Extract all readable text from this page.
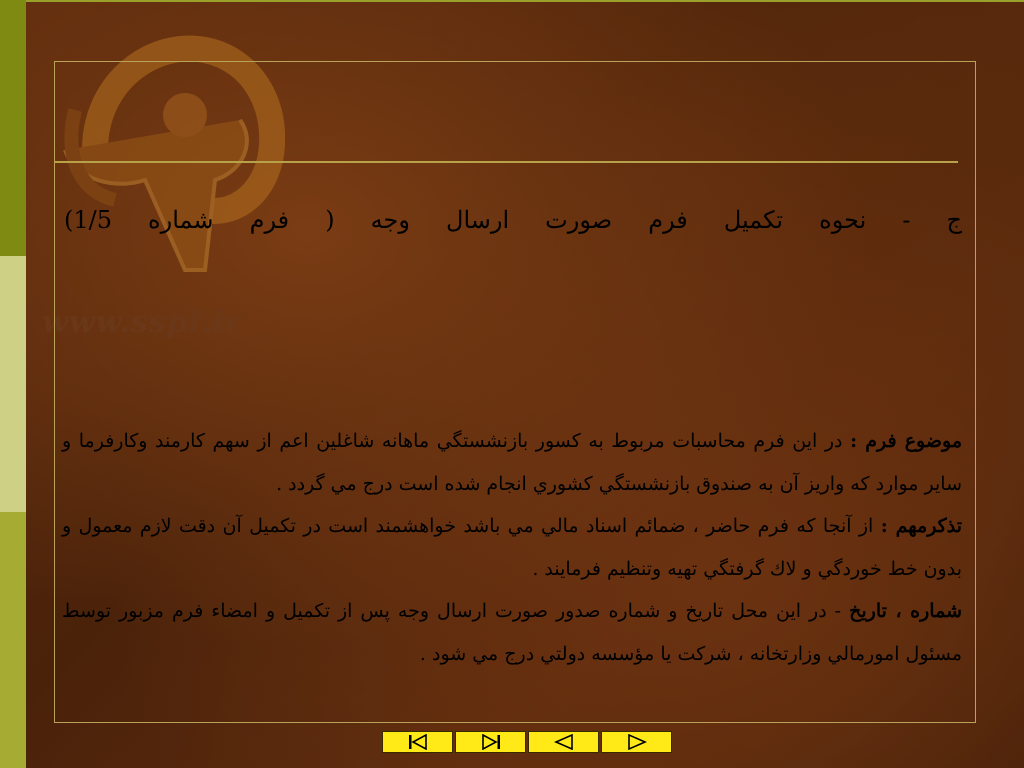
www.sspi.ir
ج - نحوه تكميل فرم صورت ارسال وجه ( فرم شماره 1/5)

موضوع فرم : در اين فرم محاسبات مربوط به كسور بازنشستگي ماهانه شاغلين اعم از سهم كارمند وكارفرما و ساير موارد كه واريز آن به صندوق بازنشستگي كشوري انجام شده است درج مي گردد .

تذكرمهم : از آنجا كه فرم حاضر ، ضمائم اسناد مالي مي باشد خواهشمند است در تكميل آن دقت لازم معمول و بدون خط خوردگي و لاك گرفتگي تهيه وتنظيم فرمايند .

شماره ، تاريخ - در اين محل تاريخ و شماره صدور صورت ارسال وجه پس از تكميل و امضاء فرم مزبور توسط مسئول امورمالي وزارتخانه ، شركت يا مؤسسه دولتي درج مي شود .
